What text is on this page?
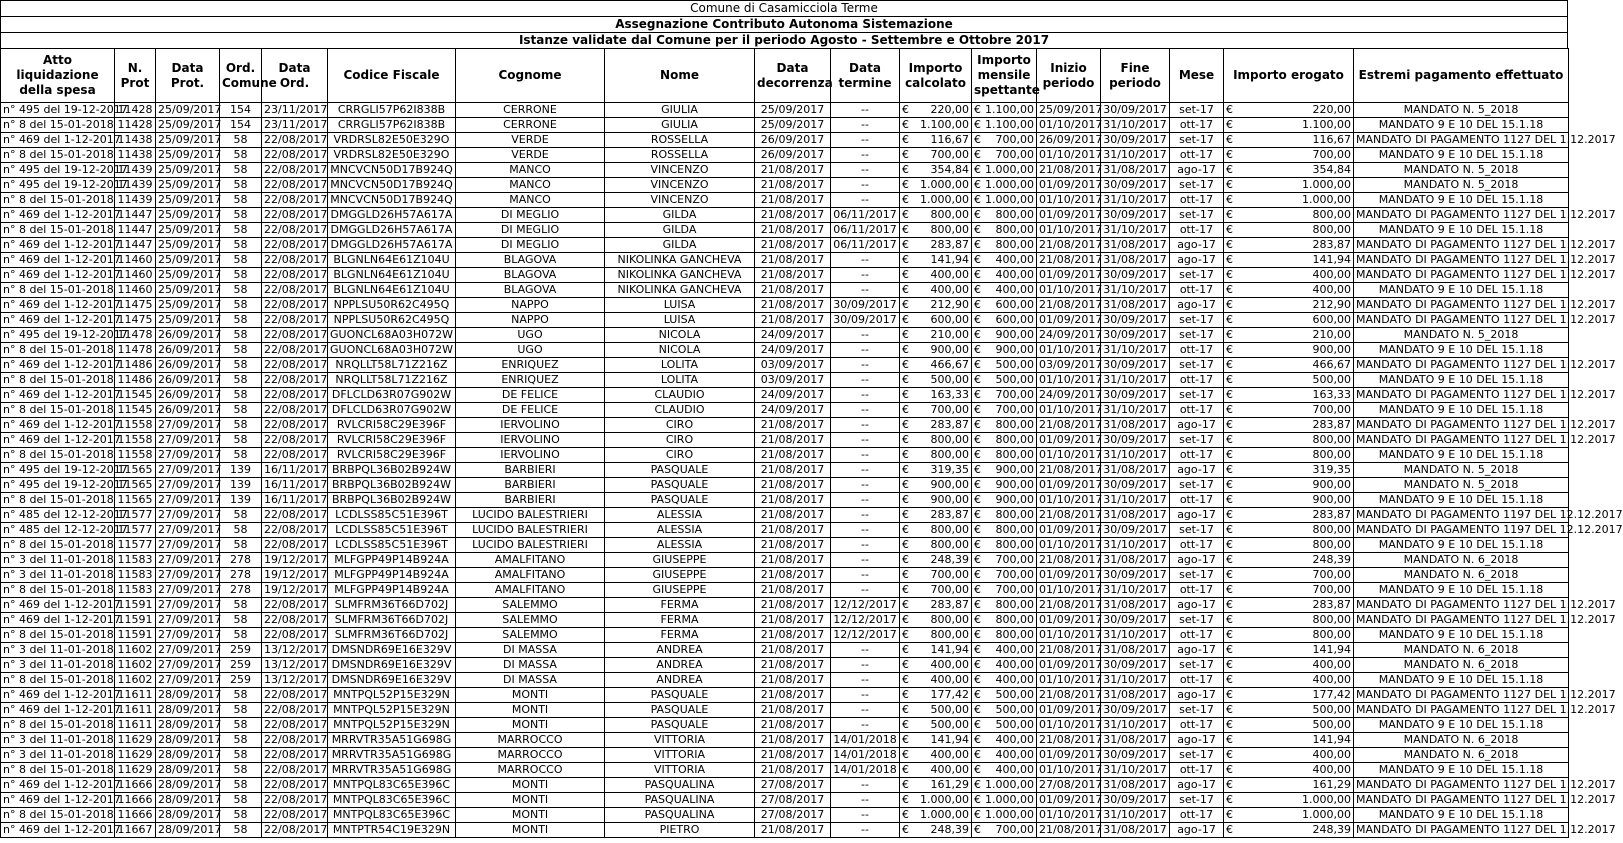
Comune di Casamicciola Terme
Assegnazione Contributo Autonoma Sistemazione
Istanze validate dal Comune per il periodo Agosto - Settembre e Ottobre 2017
Atto liquidazione della spesa	N. Prot	Data Prot.	Ord. Comune	Data Ord.	Codice Fiscale	Cognome	Nome	Data decorrenza	Data termine	Importo calcolato	Importo mensile spettante	Inizio periodo	Fine periodo	Mese	Importo erogato	Estremi pagamento effettuato
n° 495 del 19-12-2017	11428	25/09/2017	154	23/11/2017	CRRGLI57P62I838B	CERRONE	GIULIA	25/09/2017	--	€ 220,00	€ 1.100,00	25/09/2017	30/09/2017	set-17	€ 220,00	MANDATO N. 5_2018
n° 8 del 15-01-2018	11428	25/09/2017	154	23/11/2017	CRRGLI57P62I838B	CERRONE	GIULIA	25/09/2017	--	€ 1.100,00	€ 1.100,00	01/10/2017	31/10/2017	ott-17	€ 1.100,00	MANDATO 9 E 10 DEL 15.1.18
n° 469 del 1-12-2017	11438	25/09/2017	58	22/08/2017	VRDRSL82E50E329O	VERDE	ROSSELLA	26/09/2017	--	€ 116,67	€ 700,00	26/09/2017	30/09/2017	set-17	€ 116,67	MANDATO DI PAGAMENTO 1127 DEL 1.12.2017
n° 8 del 15-01-2018	11438	25/09/2017	58	22/08/2017	VRDRSL82E50E329O	VERDE	ROSSELLA	26/09/2017	--	€ 700,00	€ 700,00	01/10/2017	31/10/2017	ott-17	€ 700,00	MANDATO 9 E 10 DEL 15.1.18
n° 495 del 19-12-2017	11439	25/09/2017	58	22/08/2017	MNCVCN50D17B924Q	MANCO	VINCENZO	21/08/2017	--	€ 354,84	€ 1.000,00	21/08/2017	31/08/2017	ago-17	€ 354,84	MANDATO N. 5_2018
n° 495 del 19-12-2017	11439	25/09/2017	58	22/08/2017	MNCVCN50D17B924Q	MANCO	VINCENZO	21/08/2017	--	€ 1.000,00	€ 1.000,00	01/09/2017	30/09/2017	set-17	€ 1.000,00	MANDATO N. 5_2018
n° 8 del 15-01-2018	11439	25/09/2017	58	22/08/2017	MNCVCN50D17B924Q	MANCO	VINCENZO	21/08/2017	--	€ 1.000,00	€ 1.000,00	01/10/2017	31/10/2017	ott-17	€ 1.000,00	MANDATO 9 E 10 DEL 15.1.18
n° 469 del 1-12-2017	11447	25/09/2017	58	22/08/2017	DMGGLD26H57A617A	DI MEGLIO	GILDA	21/08/2017	06/11/2017	€ 800,00	€ 800,00	01/09/2017	30/09/2017	set-17	€ 800,00	MANDATO DI PAGAMENTO 1127 DEL 1.12.2017
n° 8 del 15-01-2018	11447	25/09/2017	58	22/08/2017	DMGGLD26H57A617A	DI MEGLIO	GILDA	21/08/2017	06/11/2017	€ 800,00	€ 800,00	01/10/2017	31/10/2017	ott-17	€ 800,00	MANDATO 9 E 10 DEL 15.1.18
n° 469 del 1-12-2017	11447	25/09/2017	58	22/08/2017	DMGGLD26H57A617A	DI MEGLIO	GILDA	21/08/2017	06/11/2017	€ 283,87	€ 800,00	21/08/2017	31/08/2017	ago-17	€ 283,87	MANDATO DI PAGAMENTO 1127 DEL 1.12.2017
n° 469 del 1-12-2017	11460	25/09/2017	58	22/08/2017	BLGNLN64E61Z104U	BLAGOVA	NIKOLINKA GANCHEVA	21/08/2017	--	€ 141,94	€ 400,00	21/08/2017	31/08/2017	ago-17	€ 141,94	MANDATO DI PAGAMENTO 1127 DEL 1.12.2017
n° 469 del 1-12-2017	11460	25/09/2017	58	22/08/2017	BLGNLN64E61Z104U	BLAGOVA	NIKOLINKA GANCHEVA	21/08/2017	--	€ 400,00	€ 400,00	01/09/2017	30/09/2017	set-17	€ 400,00	MANDATO DI PAGAMENTO 1127 DEL 1.12.2017
n° 8 del 15-01-2018	11460	25/09/2017	58	22/08/2017	BLGNLN64E61Z104U	BLAGOVA	NIKOLINKA GANCHEVA	21/08/2017	--	€ 400,00	€ 400,00	01/10/2017	31/10/2017	ott-17	€ 400,00	MANDATO 9 E 10 DEL 15.1.18
n° 469 del 1-12-2017	11475	25/09/2017	58	22/08/2017	NPPLSU50R62C495Q	NAPPO	LUISA	21/08/2017	30/09/2017	€ 212,90	€ 600,00	21/08/2017	31/08/2017	ago-17	€ 212,90	MANDATO DI PAGAMENTO 1127 DEL 1.12.2017
n° 469 del 1-12-2017	11475	25/09/2017	58	22/08/2017	NPPLSU50R62C495Q	NAPPO	LUISA	21/08/2017	30/09/2017	€ 600,00	€ 600,00	01/09/2017	30/09/2017	set-17	€ 600,00	MANDATO DI PAGAMENTO 1127 DEL 1.12.2017
n° 495 del 19-12-2017	11478	26/09/2017	58	22/08/2017	GUONCL68A03H072W	UGO	NICOLA	24/09/2017	--	€ 210,00	€ 900,00	24/09/2017	30/09/2017	set-17	€ 210,00	MANDATO N. 5_2018
n° 8 del 15-01-2018	11478	26/09/2017	58	22/08/2017	GUONCL68A03H072W	UGO	NICOLA	24/09/2017	--	€ 900,00	€ 900,00	01/10/2017	31/10/2017	ott-17	€ 900,00	MANDATO 9 E 10 DEL 15.1.18
n° 469 del 1-12-2017	11486	26/09/2017	58	22/08/2017	NRQLLT58L71Z216Z	ENRIQUEZ	LOLITA	03/09/2017	--	€ 466,67	€ 500,00	03/09/2017	30/09/2017	set-17	€ 466,67	MANDATO DI PAGAMENTO 1127 DEL 1.12.2017
n° 8 del 15-01-2018	11486	26/09/2017	58	22/08/2017	NRQLLT58L71Z216Z	ENRIQUEZ	LOLITA	03/09/2017	--	€ 500,00	€ 500,00	01/10/2017	31/10/2017	ott-17	€ 500,00	MANDATO 9 E 10 DEL 15.1.18
n° 469 del 1-12-2017	11545	26/09/2017	58	22/08/2017	DFLCLD63R07G902W	DE FELICE	CLAUDIO	24/09/2017	--	€ 163,33	€ 700,00	24/09/2017	30/09/2017	set-17	€ 163,33	MANDATO DI PAGAMENTO 1127 DEL 1.12.2017
n° 8 del 15-01-2018	11545	26/09/2017	58	22/08/2017	DFLCLD63R07G902W	DE FELICE	CLAUDIO	24/09/2017	--	€ 700,00	€ 700,00	01/10/2017	31/10/2017	ott-17	€ 700,00	MANDATO 9 E 10 DEL 15.1.18
n° 469 del 1-12-2017	11558	27/09/2017	58	22/08/2017	RVLCRI58C29E396F	IERVOLINO	CIRO	21/08/2017	--	€ 283,87	€ 800,00	21/08/2017	31/08/2017	ago-17	€ 283,87	MANDATO DI PAGAMENTO 1127 DEL 1.12.2017
n° 469 del 1-12-2017	11558	27/09/2017	58	22/08/2017	RVLCRI58C29E396F	IERVOLINO	CIRO	21/08/2017	--	€ 800,00	€ 800,00	01/09/2017	30/09/2017	set-17	€ 800,00	MANDATO DI PAGAMENTO 1127 DEL 1.12.2017
n° 8 del 15-01-2018	11558	27/09/2017	58	22/08/2017	RVLCRI58C29E396F	IERVOLINO	CIRO	21/08/2017	--	€ 800,00	€ 800,00	01/10/2017	31/10/2017	ott-17	€ 800,00	MANDATO 9 E 10 DEL 15.1.18
n° 495 del 19-12-2017	11565	27/09/2017	139	16/11/2017	BRBPQL36B02B924W	BARBIERI	PASQUALE	21/08/2017	--	€ 319,35	€ 900,00	21/08/2017	31/08/2017	ago-17	€ 319,35	MANDATO N. 5_2018
n° 495 del 19-12-2017	11565	27/09/2017	139	16/11/2017	BRBPQL36B02B924W	BARBIERI	PASQUALE	21/08/2017	--	€ 900,00	€ 900,00	01/09/2017	30/09/2017	set-17	€ 900,00	MANDATO N. 5_2018
n° 8 del 15-01-2018	11565	27/09/2017	139	16/11/2017	BRBPQL36B02B924W	BARBIERI	PASQUALE	21/08/2017	--	€ 900,00	€ 900,00	01/10/2017	31/10/2017	ott-17	€ 900,00	MANDATO 9 E 10 DEL 15.1.18
n° 485 del 12-12-2017	11577	27/09/2017	58	22/08/2017	LCDLSS85C51E396T	LUCIDO BALESTRIERI	ALESSIA	21/08/2017	--	€ 283,87	€ 800,00	21/08/2017	31/08/2017	ago-17	€ 283,87	MANDATO DI PAGAMENTO 1197 DEL 12.12.2017
n° 485 del 12-12-2017	11577	27/09/2017	58	22/08/2017	LCDLSS85C51E396T	LUCIDO BALESTRIERI	ALESSIA	21/08/2017	--	€ 800,00	€ 800,00	01/09/2017	30/09/2017	set-17	€ 800,00	MANDATO DI PAGAMENTO 1197 DEL 12.12.2017
n° 8 del 15-01-2018	11577	27/09/2017	58	22/08/2017	LCDLSS85C51E396T	LUCIDO BALESTRIERI	ALESSIA	21/08/2017	--	€ 800,00	€ 800,00	01/10/2017	31/10/2017	ott-17	€ 800,00	MANDATO 9 E 10 DEL 15.1.18
n° 3 del 11-01-2018	11583	27/09/2017	278	19/12/2017	MLFGPP49P14B924A	AMALFITANO	GIUSEPPE	21/08/2017	--	€ 248,39	€ 700,00	21/08/2017	31/08/2017	ago-17	€ 248,39	MANDATO N. 6_2018
n° 3 del 11-01-2018	11583	27/09/2017	278	19/12/2017	MLFGPP49P14B924A	AMALFITANO	GIUSEPPE	21/08/2017	--	€ 700,00	€ 700,00	01/09/2017	30/09/2017	set-17	€ 700,00	MANDATO N. 6_2018
n° 8 del 15-01-2018	11583	27/09/2017	278	19/12/2017	MLFGPP49P14B924A	AMALFITANO	GIUSEPPE	21/08/2017	--	€ 700,00	€ 700,00	01/10/2017	31/10/2017	ott-17	€ 700,00	MANDATO 9 E 10 DEL 15.1.18
n° 469 del 1-12-2017	11591	27/09/2017	58	22/08/2017	SLMFRM36T66D702J	SALEMMO	FERMA	21/08/2017	12/12/2017	€ 283,87	€ 800,00	21/08/2017	31/08/2017	ago-17	€ 283,87	MANDATO DI PAGAMENTO 1127 DEL 1.12.2017
n° 469 del 1-12-2017	11591	27/09/2017	58	22/08/2017	SLMFRM36T66D702J	SALEMMO	FERMA	21/08/2017	12/12/2017	€ 800,00	€ 800,00	01/09/2017	30/09/2017	set-17	€ 800,00	MANDATO DI PAGAMENTO 1127 DEL 1.12.2017
n° 8 del 15-01-2018	11591	27/09/2017	58	22/08/2017	SLMFRM36T66D702J	SALEMMO	FERMA	21/08/2017	12/12/2017	€ 800,00	€ 800,00	01/10/2017	31/10/2017	ott-17	€ 800,00	MANDATO 9 E 10 DEL 15.1.18
n° 3 del 11-01-2018	11602	27/09/2017	259	13/12/2017	DMSNDR69E16E329V	DI MASSA	ANDREA	21/08/2017	--	€ 141,94	€ 400,00	21/08/2017	31/08/2017	ago-17	€ 141,94	MANDATO N. 6_2018
n° 3 del 11-01-2018	11602	27/09/2017	259	13/12/2017	DMSNDR69E16E329V	DI MASSA	ANDREA	21/08/2017	--	€ 400,00	€ 400,00	01/09/2017	30/09/2017	set-17	€ 400,00	MANDATO N. 6_2018
n° 8 del 15-01-2018	11602	27/09/2017	259	13/12/2017	DMSNDR69E16E329V	DI MASSA	ANDREA	21/08/2017	--	€ 400,00	€ 400,00	01/10/2017	31/10/2017	ott-17	€ 400,00	MANDATO 9 E 10 DEL 15.1.18
n° 469 del 1-12-2017	11611	28/09/2017	58	22/08/2017	MNTPQL52P15E329N	MONTI	PASQUALE	21/08/2017	--	€ 177,42	€ 500,00	21/08/2017	31/08/2017	ago-17	€ 177,42	MANDATO DI PAGAMENTO 1127 DEL 1.12.2017
n° 469 del 1-12-2017	11611	28/09/2017	58	22/08/2017	MNTPQL52P15E329N	MONTI	PASQUALE	21/08/2017	--	€ 500,00	€ 500,00	01/09/2017	30/09/2017	set-17	€ 500,00	MANDATO DI PAGAMENTO 1127 DEL 1.12.2017
n° 8 del 15-01-2018	11611	28/09/2017	58	22/08/2017	MNTPQL52P15E329N	MONTI	PASQUALE	21/08/2017	--	€ 500,00	€ 500,00	01/10/2017	31/10/2017	ott-17	€ 500,00	MANDATO 9 E 10 DEL 15.1.18
n° 3 del 11-01-2018	11629	28/09/2017	58	22/08/2017	MRRVTR35A51G698G	MARROCCO	VITTORIA	21/08/2017	14/01/2018	€ 141,94	€ 400,00	21/08/2017	31/08/2017	ago-17	€ 141,94	MANDATO N. 6_2018
n° 3 del 11-01-2018	11629	28/09/2017	58	22/08/2017	MRRVTR35A51G698G	MARROCCO	VITTORIA	21/08/2017	14/01/2018	€ 400,00	€ 400,00	01/09/2017	30/09/2017	set-17	€ 400,00	MANDATO N. 6_2018
n° 8 del 15-01-2018	11629	28/09/2017	58	22/08/2017	MRRVTR35A51G698G	MARROCCO	VITTORIA	21/08/2017	14/01/2018	€ 400,00	€ 400,00	01/10/2017	31/10/2017	ott-17	€ 400,00	MANDATO 9 E 10 DEL 15.1.18
n° 469 del 1-12-2017	11666	28/09/2017	58	22/08/2017	MNTPQL83C65E396C	MONTI	PASQUALINA	27/08/2017	--	€ 161,29	€ 1.000,00	27/08/2017	31/08/2017	ago-17	€ 161,29	MANDATO DI PAGAMENTO 1127 DEL 1.12.2017
n° 469 del 1-12-2017	11666	28/09/2017	58	22/08/2017	MNTPQL83C65E396C	MONTI	PASQUALINA	27/08/2017	--	€ 1.000,00	€ 1.000,00	01/09/2017	30/09/2017	set-17	€ 1.000,00	MANDATO DI PAGAMENTO 1127 DEL 1.12.2017
n° 8 del 15-01-2018	11666	28/09/2017	58	22/08/2017	MNTPQL83C65E396C	MONTI	PASQUALINA	27/08/2017	--	€ 1.000,00	€ 1.000,00	01/10/2017	31/10/2017	ott-17	€ 1.000,00	MANDATO 9 E 10 DEL 15.1.18
n° 469 del 1-12-2017	11667	28/09/2017	58	22/08/2017	MNTPTR54C19E329N	MONTI	PIETRO	21/08/2017	--	€ 248,39	€ 700,00	21/08/2017	31/08/2017	ago-17	€ 248,39	MANDATO DI PAGAMENTO 1127 DEL 1.12.2017
